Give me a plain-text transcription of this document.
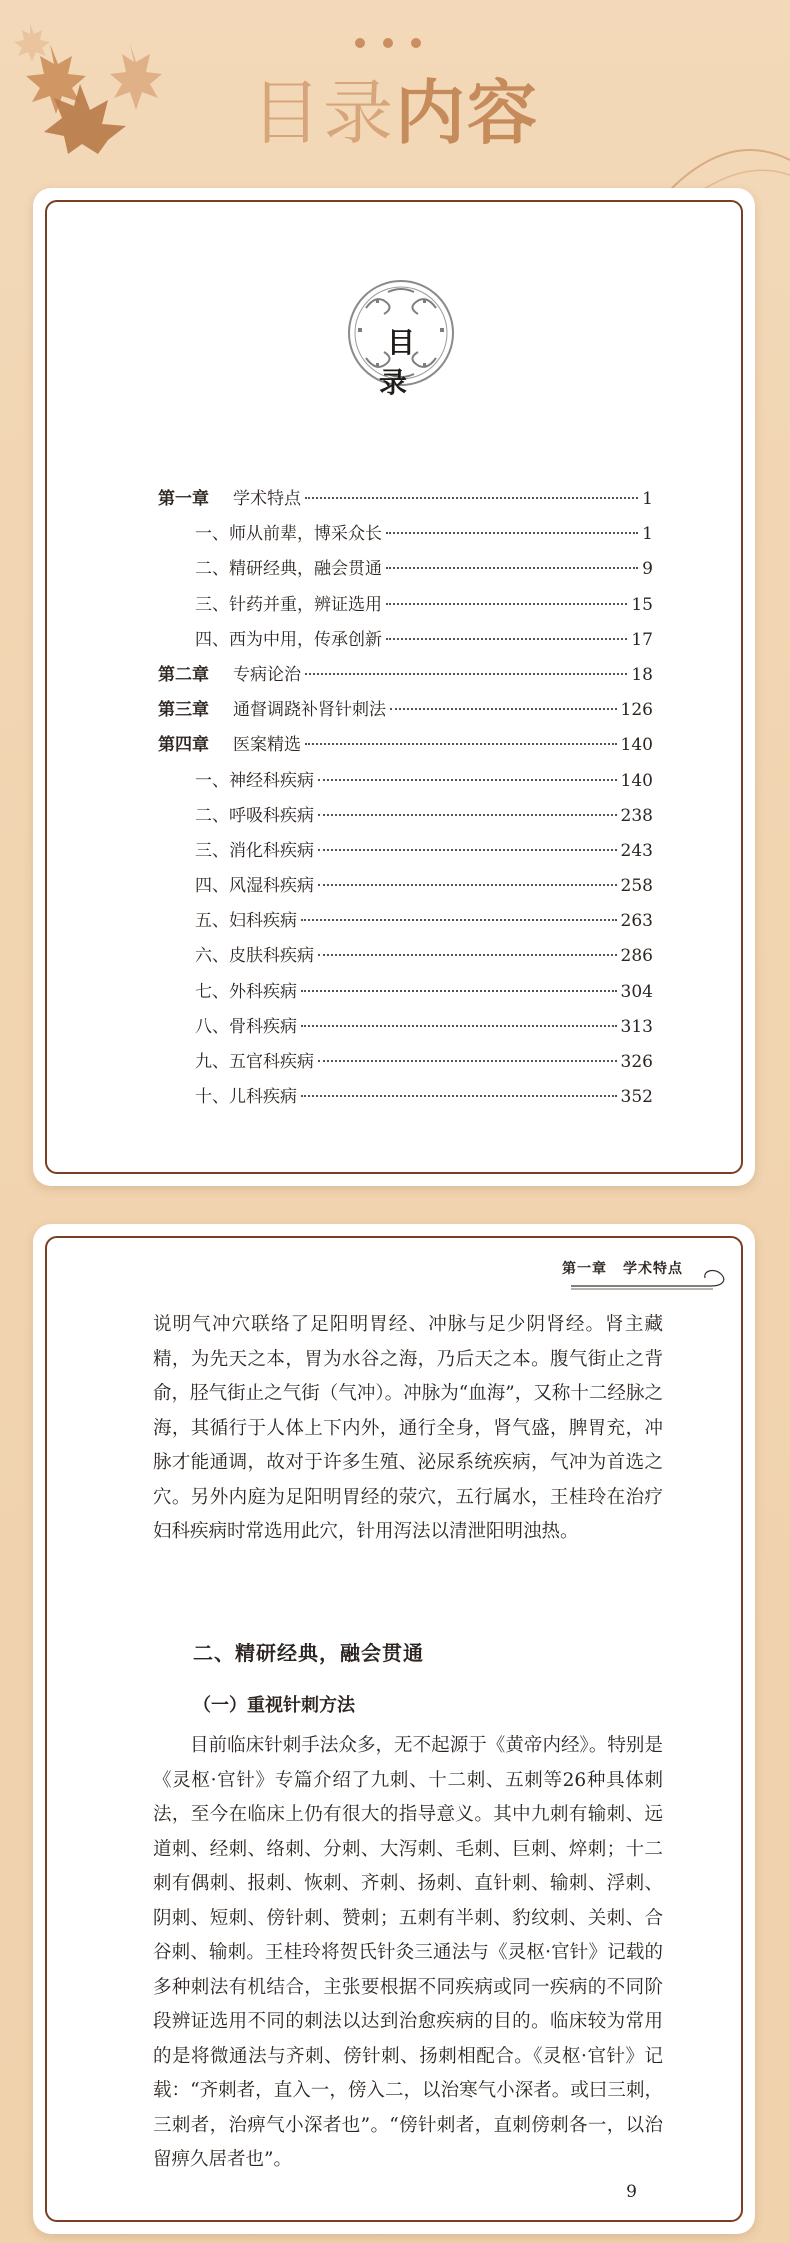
目录内容
目 录
第一章	学术特点	1
一、师从前辈，博采众长	1
二、精研经典，融会贯通	9
三、针药并重，辨证选用	15
四、西为中用，传承创新	17
第二章	专病论治	18
第三章	通督调跷补肾针刺法	126
第四章	医案精选	140
一、神经科疾病	140
二、呼吸科疾病	238
三、消化科疾病	243
四、风湿科疾病	258
五、妇科疾病	263
六、皮肤科疾病	286
七、外科疾病	304
八、骨科疾病	313
九、五官科疾病	326
十、儿科疾病	352
第一章 学术特点

说明气冲穴联络了足阳明胃经、冲脉与足少阴肾经。肾主藏精，为先天之本，胃为水谷之海，乃后天之本。腹气街止之背俞，胫气街止之气街（气冲）。冲脉为“血海”，又称十二经脉之海，其循行于人体上下内外，通行全身，肾气盛，脾胃充，冲脉才能通调，故对于许多生殖、泌尿系统疾病，气冲为首选之穴。另外内庭为足阳明胃经的荥穴，五行属水，王桂玲在治疗妇科疾病时常选用此穴，针用泻法以清泄阳明浊热。

二、精研经典，融会贯通
（一）重视针刺方法

目前临床针刺手法众多，无不起源于《黄帝内经》。特别是《灵枢·官针》专篇介绍了九刺、十二刺、五刺等26种具体刺法，至今在临床上仍有很大的指导意义。其中九刺有输刺、远道刺、经刺、络刺、分刺、大泻刺、毛刺、巨刺、焠刺；十二刺有偶刺、报刺、恢刺、齐刺、扬刺、直针刺、输刺、浮刺、阴刺、短刺、傍针刺、赞刺；五刺有半刺、豹纹刺、关刺、合谷刺、输刺。王桂玲将贺氏针灸三通法与《灵枢·官针》记载的多种刺法有机结合，主张要根据不同疾病或同一疾病的不同阶段辨证选用不同的刺法以达到治愈疾病的目的。临床较为常用的是将微通法与齐刺、傍针刺、扬刺相配合。《灵枢·官针》记载：“齐刺者，直入一，傍入二，以治寒气小深者。或曰三刺，三刺者，治痹气小深者也”。“傍针刺者，直刺傍刺各一，以治留痹久居者也”。

9
